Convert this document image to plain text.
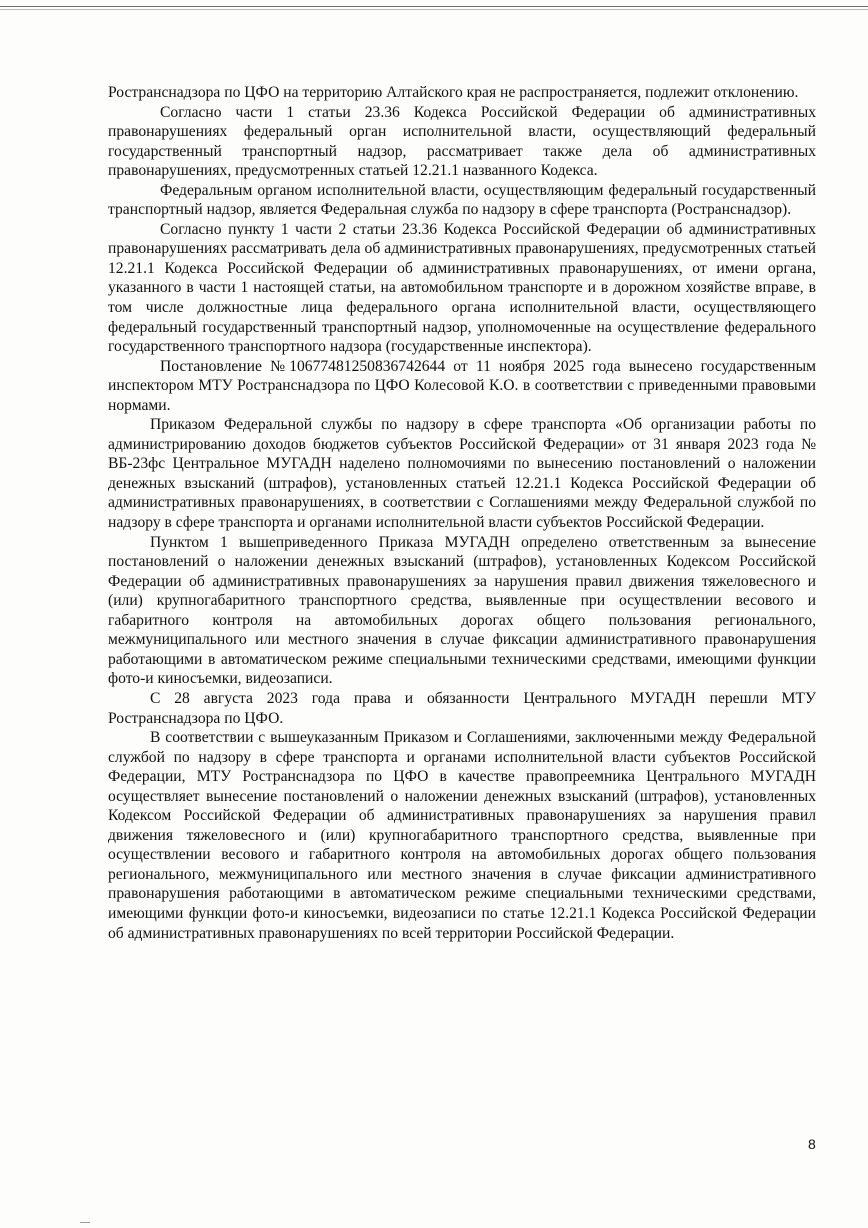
Ространснадзора по ЦФО на территорию Алтайского края не распространяется, подлежит отклонению.

Согласно части 1 статьи 23.36 Кодекса Российской Федерации об административных правонарушениях федеральный орган исполнительной власти, осуществляющий федеральный государственный транспортный надзор, рассматривает также дела об административных правонарушениях, предусмотренных статьей 12.21.1 названного Кодекса.

Федеральным органом исполнительной власти, осуществляющим федеральный государственный транспортный надзор, является Федеральная служба по надзору в сфере транспорта (Ространснадзор).

Согласно пункту 1 части 2 статьи 23.36 Кодекса Российской Федерации об административных правонарушениях рассматривать дела об административных правонарушениях, предусмотренных статьей 12.21.1 Кодекса Российской Федерации об административных правонарушениях, от имени органа, указанного в части 1 настоящей статьи, на автомобильном транспорте и в дорожном хозяйстве вправе, в том числе должностные лица федерального органа исполнительной власти, осуществляющего федеральный государственный транспортный надзор, уполномоченные на осуществление федерального государственного транспортного надзора (государственные инспектора).

Постановление №10677481250836742644 от 11 ноября 2025 года вынесено государственным инспектором МТУ Ространснадзора по ЦФО Колесовой К.О. в соответствии с приведенными правовыми нормами.

Приказом Федеральной службы по надзору в сфере транспорта «Об организации работы по администрированию доходов бюджетов субъектов Российской Федерации» от 31 января 2023 года № ВБ-23фс Центральное МУГАДН наделено полномочиями по вынесению постановлений о наложении денежных взысканий (штрафов), установленных статьей 12.21.1 Кодекса Российской Федерации об административных правонарушениях, в соответствии с Соглашениями между Федеральной службой по надзору в сфере транспорта и органами исполнительной власти субъектов Российской Федерации.

Пунктом 1 вышеприведенного Приказа МУГАДН определено ответственным за вынесение постановлений о наложении денежных взысканий (штрафов), установленных Кодексом Российской Федерации об административных правонарушениях за нарушения правил движения тяжеловесного и (или) крупногабаритного транспортного средства, выявленные при осуществлении весового и габаритного контроля на автомобильных дорогах общего пользования регионального, межмуниципального или местного значения в случае фиксации административного правонарушения работающими в автоматическом режиме специальными техническими средствами, имеющими функции фото-и киносъемки, видеозаписи.

С 28 августа 2023 года права и обязанности Центрального МУГАДН перешли МТУ Ространснадзора по ЦФО.

В соответствии с вышеуказанным Приказом и Соглашениями, заключенными между Федеральной службой по надзору в сфере транспорта и органами исполнительной власти субъектов Российской Федерации, МТУ Ространснадзора по ЦФО в качестве правопреемника Центрального МУГАДН осуществляет вынесение постановлений о наложении денежных взысканий (штрафов), установленных Кодексом Российской Федерации об административных правонарушениях за нарушения правил движения тяжеловесного и (или) крупногабаритного транспортного средства, выявленные при осуществлении весового и габаритного контроля на автомобильных дорогах общего пользования регионального, межмуниципального или местного значения в случае фиксации административного правонарушения работающими в автоматическом режиме специальными техническими средствами, имеющими функции фото-и киносъемки, видеозаписи по статье 12.21.1 Кодекса Российской Федерации об административных правонарушениях по всей территории Российской Федерации.

8
